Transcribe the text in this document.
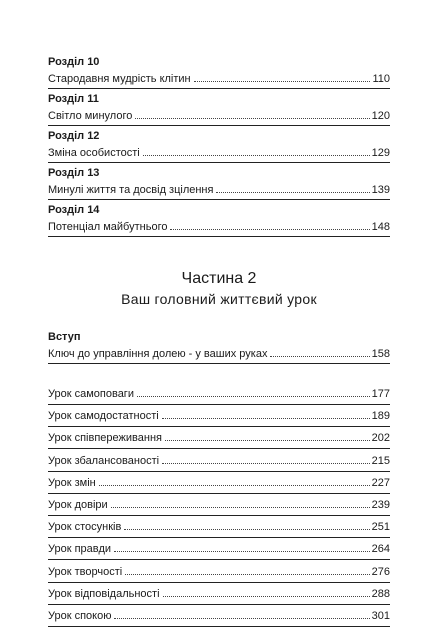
Розділ 10
Стародавня мудрість клітин	110
Розділ 11
Світло минулого	120
Розділ 12
Зміна особистості	129
Розділ 13
Минулі життя та досвід зцілення	139
Розділ 14
Потенціал майбутнього	148
Частина 2
Ваш головний життєвий урок
Вступ
Ключ до управління долею - у ваших руках	158
Урок самоповаги	177
Урок самодостатності	189
Урок співпереживання	202
Урок збалансованості	215
Урок змін	227
Урок довіри	239
Урок стосунків	251
Урок правди	264
Урок творчості	276
Урок відповідальності	288
Урок спокою	301
